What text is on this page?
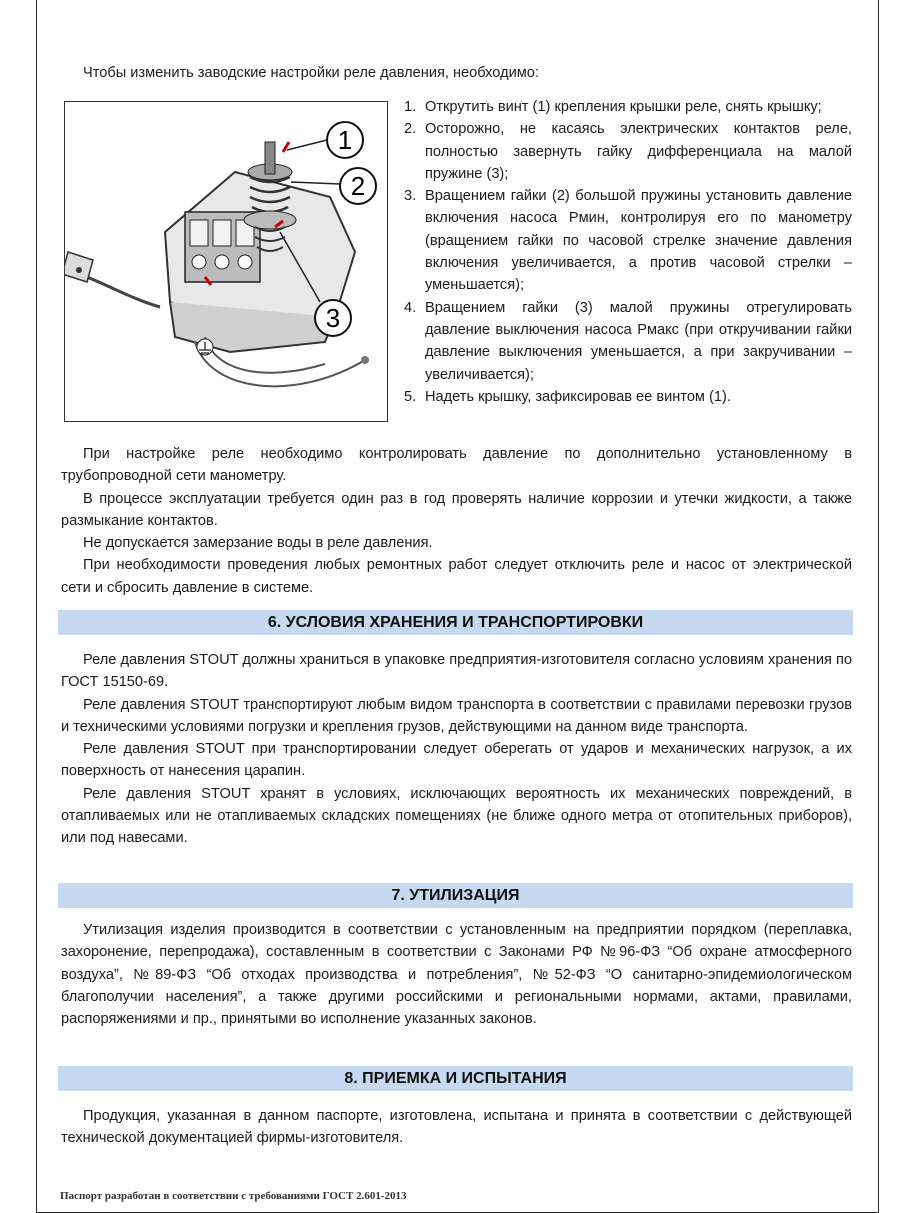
Чтобы изменить заводские настройки реле давления, необходимо:
1
2
3
1. Открутить винт (1) крепления крышки реле, снять крышку;
2. Осторожно, не касаясь электрических контактов реле, полностью завернуть гайку дифференциала на малой пружине (3);
3. Вращением гайки (2) большой пружины установить давление включения насоса Pмин, контролируя его по манометру (вращением гайки по часовой стрелке значение давления включения увеличивается, а против часовой стрелки – уменьшается);
4. Вращением гайки (3) малой пружины отрегулировать давление выключения насоса Pмакс (при откручивании гайки давление выключения уменьшается, а при закручивании – увеличивается);
5. Надеть крышку, зафиксировав ее винтом (1).

При настройке реле необходимо контролировать давление по дополнительно установленному в трубопроводной сети манометру.

В процессе эксплуатации требуется один раз в год проверять наличие коррозии и утечки жидкости, а также размыкание контактов.

Не допускается замерзание воды в реле давления.

При необходимости проведения любых ремонтных работ следует отключить реле и насос от электрической сети и сбросить давление в системе.

6. УСЛОВИЯ ХРАНЕНИЯ И ТРАНСПОРТИРОВКИ

Реле давления STOUT должны храниться в упаковке предприятия-изготовителя согласно условиям хранения по ГОСТ 15150-69.

Реле давления STOUT транспортируют любым видом транспорта в соответствии с правилами перевозки грузов и техническими условиями погрузки и крепления грузов, действующими на данном виде транспорта.

Реле давления STOUT при транспортировании следует оберегать от ударов и механических нагрузок, а их поверхность от нанесения царапин.

Реле давления STOUT хранят в условиях, исключающих вероятность их механических повреждений, в отапливаемых или не отапливаемых складских помещениях (не ближе одного метра от отопительных приборов), или под навесами.

7. УТИЛИЗАЦИЯ

Утилизация изделия производится в соответствии с установленным на предприятии порядком (переплавка, захоронение, перепродажа), составленным в соответствии с Законами РФ №96-ФЗ “Об охране атмосферного воздуха”, №89-ФЗ “Об отходах производства и потребления”, №52-ФЗ “О санитарно-эпидемиологическом благополучии населения”, а также другими российскими и региональными нормами, актами, правилами, распоряжениями и пр., принятыми во исполнение указанных законов.

8. ПРИЕМКА И ИСПЫТАНИЯ

Продукция, указанная в данном паспорте, изготовлена, испытана и принята в соответствии с действующей технической документацией фирмы-изготовителя.

Паспорт разработан в соответствии с требованиями ГОСТ 2.601-2013
